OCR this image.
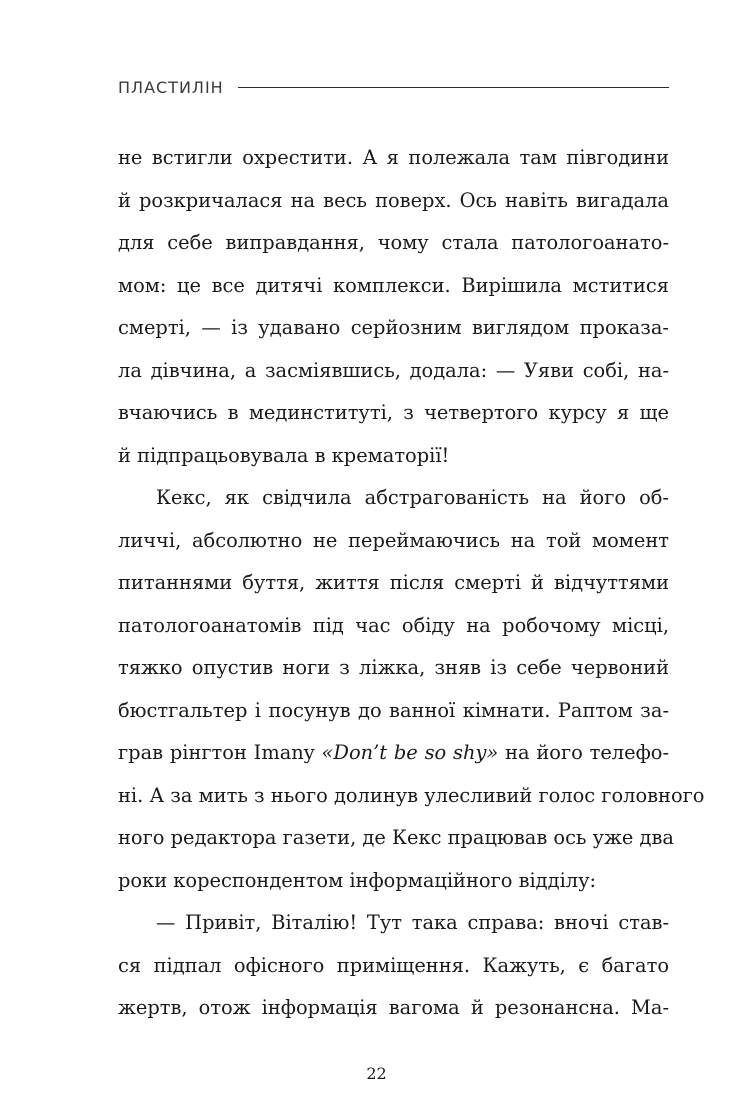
ПЛАСТИЛІН
не встигли охрестити. А я полежала там півгодини
й розкричалася на весь поверх. Ось навіть вигадала
для себе виправдання, чому стала патологоанато-
мом: це все дитячі комплекси. Вирішила мститися
смерті, — із удавано серйозним виглядом проказа-
ла дівчина, а засміявшись, додала: — Уяви собі, на-
вчаючись в мединституті, з четвертого курсу я ще
й підпрацьовувала в крематорії!
Кекс, як свідчила абстрагованість на його об-
личчі, абсолютно не переймаючись на той момент
питаннями буття, життя після смерті й відчуттями
патологоанатомів під час обіду на робочому місці,
тяжко опустив ноги з ліжка, зняв із себе червоний
бюстгальтер і посунув до ванної кімнати. Раптом за-
грав рінгтон Imany «Don’t be so shy» на його телефо-
ні. А за мить з нього долинув улесливий голос головного
ного редактора газети, де Кекс працював ось уже два
роки кореспондентом інформаційного відділу:
— Привіт, Віталію! Тут така справа: вночі став-
ся підпал офісного приміщення. Кажуть, є багато
жертв, отож інформація вагома й резонансна. Ма-
22
